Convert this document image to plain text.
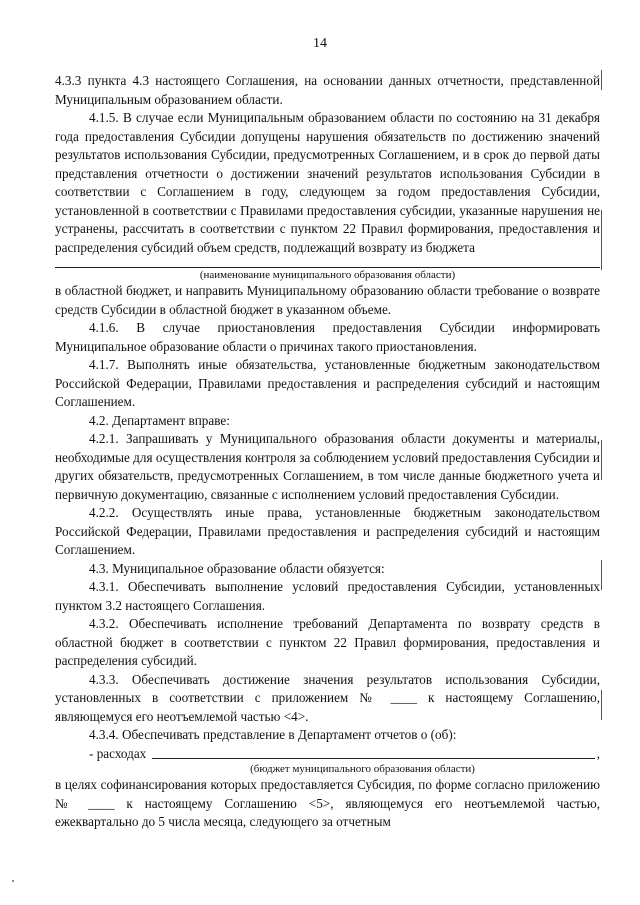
14

4.3.3 пункта 4.3 настоящего Соглашения, на основании данных отчетности, представленной Муниципальным образованием области.

4.1.5. В случае если Муниципальным образованием области по состоянию на 31 декабря года предоставления Субсидии допущены нарушения обязательств по достижению значений результатов использования Субсидии, предусмотренных Соглашением, и в срок до первой даты представления отчетности о достижении значений результатов использования Субсидии в соответствии с Соглашением в году, следующем за годом предоставления Субсидии, установленной в соответствии с Правилами предоставления субсидии, указанные нарушения не устранены, рассчитать в соответствии с пунктом 22 Правил формирования, предоставления и распределения субсидий объем средств, подлежащий возврату из бюджета

(наименование муниципального образования области)

в областной бюджет, и направить Муниципальному образованию области требование о возврате средств Субсидии в областной бюджет в указанном объеме.

4.1.6. В случае приостановления предоставления Субсидии информировать Муниципальное образование области о причинах такого приостановления.

4.1.7. Выполнять иные обязательства, установленные бюджетным законодательством Российской Федерации, Правилами предоставления и распределения субсидий и настоящим Соглашением.

4.2. Департамент вправе:

4.2.1. Запрашивать у Муниципального образования области документы и материалы, необходимые для осуществления контроля за соблюдением условий предоставления Субсидии и других обязательств, предусмотренных Соглашением, в том числе данные бюджетного учета и первичную документацию, связанные с исполнением условий предоставления Субсидии.

4.2.2. Осуществлять иные права, установленные бюджетным законодательством Российской Федерации, Правилами предоставления и распределения субсидий и настоящим Соглашением.

4.3. Муниципальное образование области обязуется:

4.3.1. Обеспечивать выполнение условий предоставления Субсидии, установленных пунктом 3.2 настоящего Соглашения.

4.3.2. Обеспечивать исполнение требований Департамента по возврату средств в областной бюджет в соответствии с пунктом 22 Правил формирования, предоставления и распределения субсидий.

4.3.3. Обеспечивать достижение значения результатов использования Субсидии, установленных в соответствии с приложением № ____ к настоящему Соглашению, являющемуся его неотъемлемой частью <4>.

4.3.4. Обеспечивать представление в Департамент отчетов о (об):

- расходах	,
(бюджет муниципального образования области)

в целях софинансирования которых предоставляется Субсидия, по форме согласно приложению № ____ к настоящему Соглашению <5>, являющемуся его неотъемлемой частью, ежеквартально до 5 числа месяца, следующего за отчетным
